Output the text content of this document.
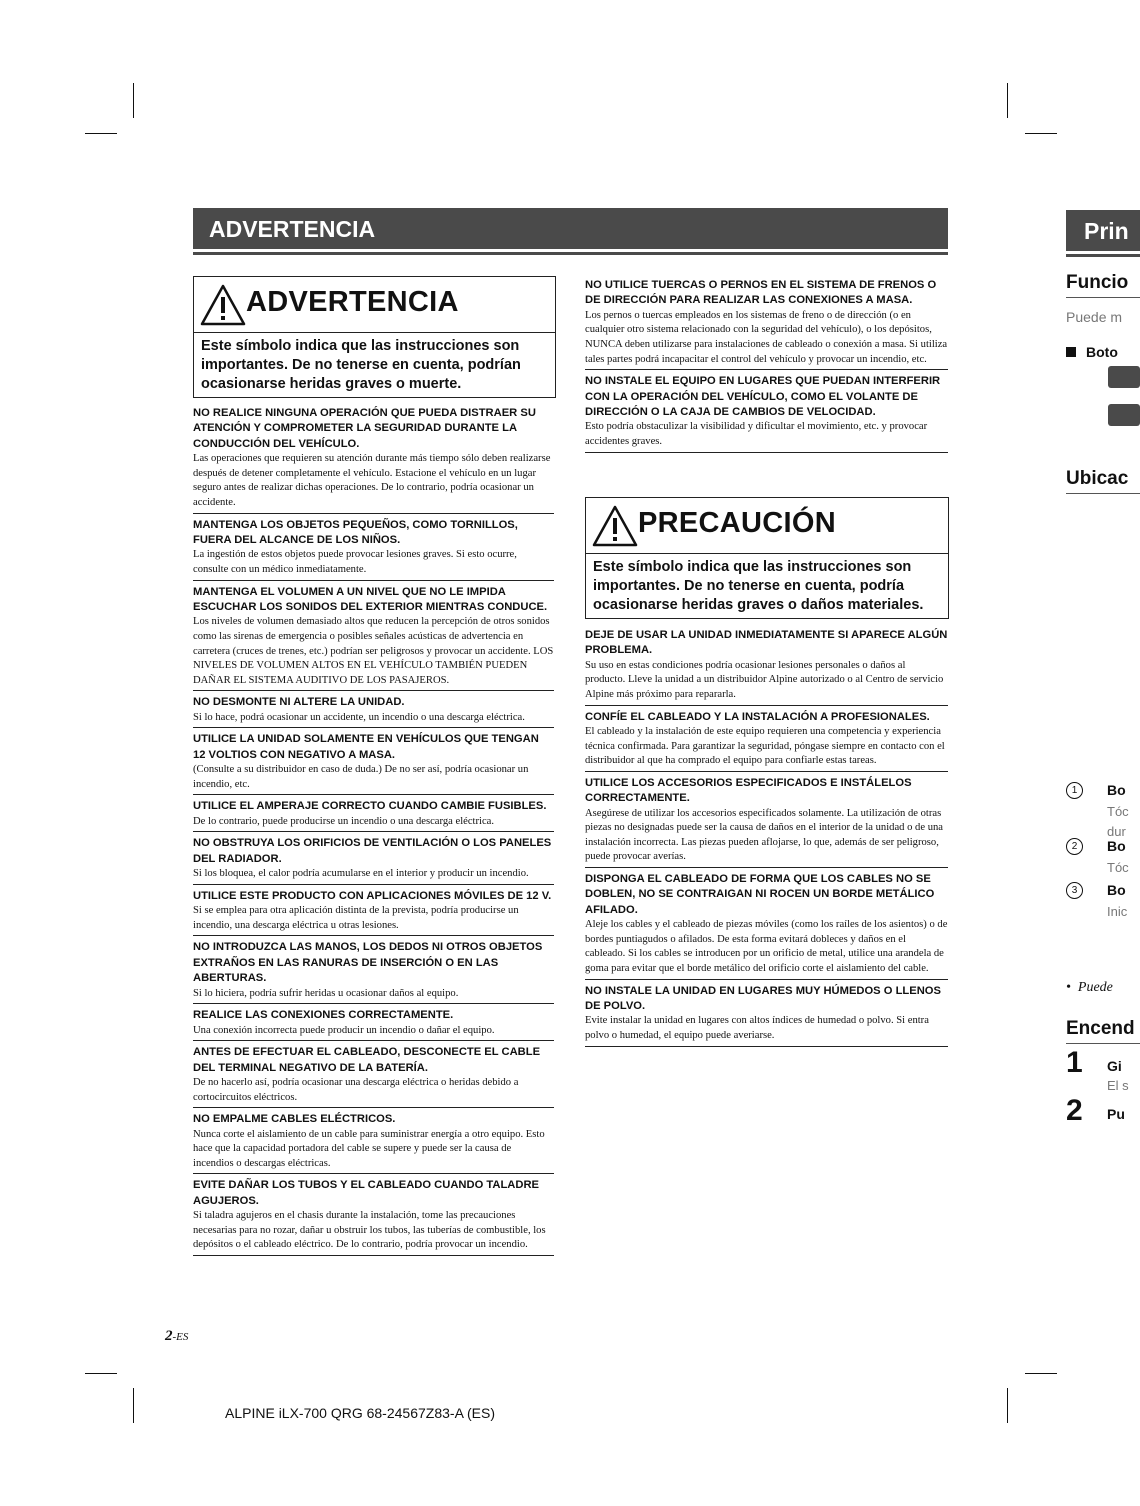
ADVERTENCIA
ADVERTENCIA
Este símbolo indica que las instrucciones son importantes. De no tenerse en cuenta, podrían ocasionarse heridas graves o muerte.
NO REALICE NINGUNA OPERACIÓN QUE PUEDA DISTRAER SU ATENCIÓN Y COMPROMETER LA SEGURIDAD DURANTE LA CONDUCCIÓN DEL VEHÍCULO.

Las operaciones que requieren su atención durante más tiempo sólo deben realizarse después de detener completamente el vehículo. Estacione el vehículo en un lugar seguro antes de realizar dichas operaciones. De lo contrario, podría ocasionar un accidente.

MANTENGA LOS OBJETOS PEQUEÑOS, COMO TORNILLOS, FUERA DEL ALCANCE DE LOS NIÑOS.

La ingestión de estos objetos puede provocar lesiones graves. Si esto ocurre, consulte con un médico inmediatamente.

MANTENGA EL VOLUMEN A UN NIVEL QUE NO LE IMPIDA ESCUCHAR LOS SONIDOS DEL EXTERIOR MIENTRAS CONDUCE.

Los niveles de volumen demasiado altos que reducen la percepción de otros sonidos como las sirenas de emergencia o posibles señales acústicas de advertencia en carretera (cruces de trenes, etc.) podrían ser peligrosos y provocar un accidente. LOS NIVELES DE VOLUMEN ALTOS EN EL VEHÍCULO TAMBIÉN PUEDEN DAÑAR EL SISTEMA AUDITIVO DE LOS PASAJEROS.

NO DESMONTE NI ALTERE LA UNIDAD.

Si lo hace, podrá ocasionar un accidente, un incendio o una descarga eléctrica.

UTILICE LA UNIDAD SOLAMENTE EN VEHÍCULOS QUE TENGAN 12 VOLTIOS CON NEGATIVO A MASA.

(Consulte a su distribuidor en caso de duda.) De no ser así, podría ocasionar un incendio, etc.

UTILICE EL AMPERAJE CORRECTO CUANDO CAMBIE FUSIBLES.

De lo contrario, puede producirse un incendio o una descarga eléctrica.

NO OBSTRUYA LOS ORIFICIOS DE VENTILACIÓN O LOS PANELES DEL RADIADOR.

Si los bloquea, el calor podría acumularse en el interior y producir un incendio.

UTILICE ESTE PRODUCTO CON APLICACIONES MÓVILES DE 12 V.

Si se emplea para otra aplicación distinta de la prevista, podría producirse un incendio, una descarga eléctrica u otras lesiones.

NO INTRODUZCA LAS MANOS, LOS DEDOS NI OTROS OBJETOS EXTRAÑOS EN LAS RANURAS DE INSERCIÓN O EN LAS ABERTURAS.

Si lo hiciera, podría sufrir heridas u ocasionar daños al equipo.

REALICE LAS CONEXIONES CORRECTAMENTE.

Una conexión incorrecta puede producir un incendio o dañar el equipo.

ANTES DE EFECTUAR EL CABLEADO, DESCONECTE EL CABLE DEL TERMINAL NEGATIVO DE LA BATERÍA.

De no hacerlo así, podría ocasionar una descarga eléctrica o heridas debido a cortocircuitos eléctricos.

NO EMPALME CABLES ELÉCTRICOS.

Nunca corte el aislamiento de un cable para suministrar energía a otro equipo. Esto hace que la capacidad portadora del cable se supere y puede ser la causa de incendios o descargas eléctricas.

EVITE DAÑAR LOS TUBOS Y EL CABLEADO CUANDO TALADRE AGUJEROS.

Si taladra agujeros en el chasis durante la instalación, tome las precauciones necesarias para no rozar, dañar u obstruir los tubos, las tuberías de combustible, los depósitos o el cableado eléctrico. De lo contrario, podría provocar un incendio.

NO UTILICE TUERCAS O PERNOS EN EL SISTEMA DE FRENOS O DE DIRECCIÓN PARA REALIZAR LAS CONEXIONES A MASA.

Los pernos o tuercas empleados en los sistemas de freno o de dirección (o en cualquier otro sistema relacionado con la seguridad del vehículo), o los depósitos, NUNCA deben utilizarse para instalaciones de cableado o conexión a masa. Si utiliza tales partes podrá incapacitar el control del vehículo y provocar un incendio, etc.

NO INSTALE EL EQUIPO EN LUGARES QUE PUEDAN INTERFERIR CON LA OPERACIÓN DEL VEHÍCULO, COMO EL VOLANTE DE DIRECCIÓN O LA CAJA DE CAMBIOS DE VELOCIDAD.

Esto podría obstaculizar la visibilidad y dificultar el movimiento, etc. y provocar accidentes graves.

PRECAUCIÓN
Este símbolo indica que las instrucciones son importantes. De no tenerse en cuenta, podría ocasionarse heridas graves o daños materiales.
DEJE DE USAR LA UNIDAD INMEDIATAMENTE SI APARECE ALGÚN PROBLEMA.

Su uso en estas condiciones podría ocasionar lesiones personales o daños al producto. Lleve la unidad a un distribuidor Alpine autorizado o al Centro de servicio Alpine más próximo para repararla.

CONFÍE EL CABLEADO Y LA INSTALACIÓN A PROFESIONALES.

El cableado y la instalación de este equipo requieren una competencia y experiencia técnica confirmada. Para garantizar la seguridad, póngase siempre en contacto con el distribuidor al que ha comprado el equipo para confiarle estas tareas.

UTILICE LOS ACCESORIOS ESPECIFICADOS E INSTÁLELOS CORRECTAMENTE.

Asegúrese de utilizar los accesorios especificados solamente. La utilización de otras piezas no designadas puede ser la causa de daños en el interior de la unidad o de una instalación incorrecta. Las piezas pueden aflojarse, lo que, además de ser peligroso, puede provocar averías.

DISPONGA EL CABLEADO DE FORMA QUE LOS CABLES NO SE DOBLEN, NO SE CONTRAIGAN NI ROCEN UN BORDE METÁLICO AFILADO.

Aleje los cables y el cableado de piezas móviles (como los raíles de los asientos) o de bordes puntiagudos o afilados. De esta forma evitará dobleces y daños en el cableado. Si los cables se introducen por un orificio de metal, utilice una arandela de goma para evitar que el borde metálico del orificio corte el aislamiento del cable.

NO INSTALE LA UNIDAD EN LUGARES MUY HÚMEDOS O LLENOS DE POLVO.

Evite instalar la unidad en lugares con altos índices de humedad o polvo. Si entra polvo o humedad, el equipo puede averiarse.

2-ES
ALPINE iLX-700 QRG 68-24567Z83-A (ES)
Prin
Funcio
Puede m
Boto
Ubicac
1	Bo
Tóc
dur
2	Bo
Tóc
3	Bo
Inic
•  Puede
Encend
1 Gi
El s
2 Pu
